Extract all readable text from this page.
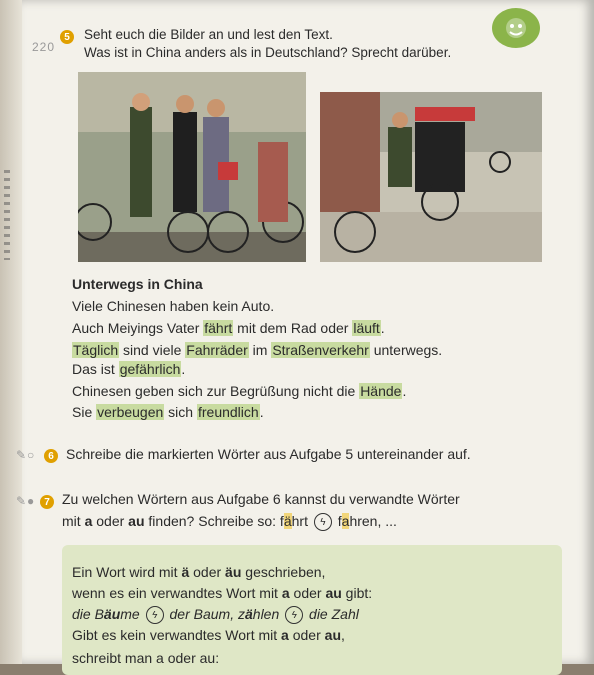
220
5	Seht euch die Bilder an und lest den Text.
Was ist in China anders als in Deutschland? Sprecht darüber.
Unterwegs in China
Viele Chinesen haben kein Auto.
Auch Meiyings Vater fährt mit dem Rad oder läuft.
Täglich sind viele Fahrräder im Straßenverkehr unterwegs.
Das ist gefährlich.
Chinesen geben sich zur Begrüßung nicht die Hände.
Sie verbeugen sich freundlich.
✎○	6 Schreibe die markierten Wörter aus Aufgabe 5 untereinander auf.
✎● 7 Zu welchen Wörtern aus Aufgabe 6 kannst du verwandte Wörter
mit a oder au finden? Schreibe so: fährt ϟ fahren, ...
Ein Wort wird mit ä oder äu geschrieben,
wenn es ein verwandtes Wort mit a oder au gibt:
die Bäume ϟ der Baum, zählen ϟ die Zahl
Gibt es kein verwandtes Wort mit a oder au,
schreibt man a oder au:
